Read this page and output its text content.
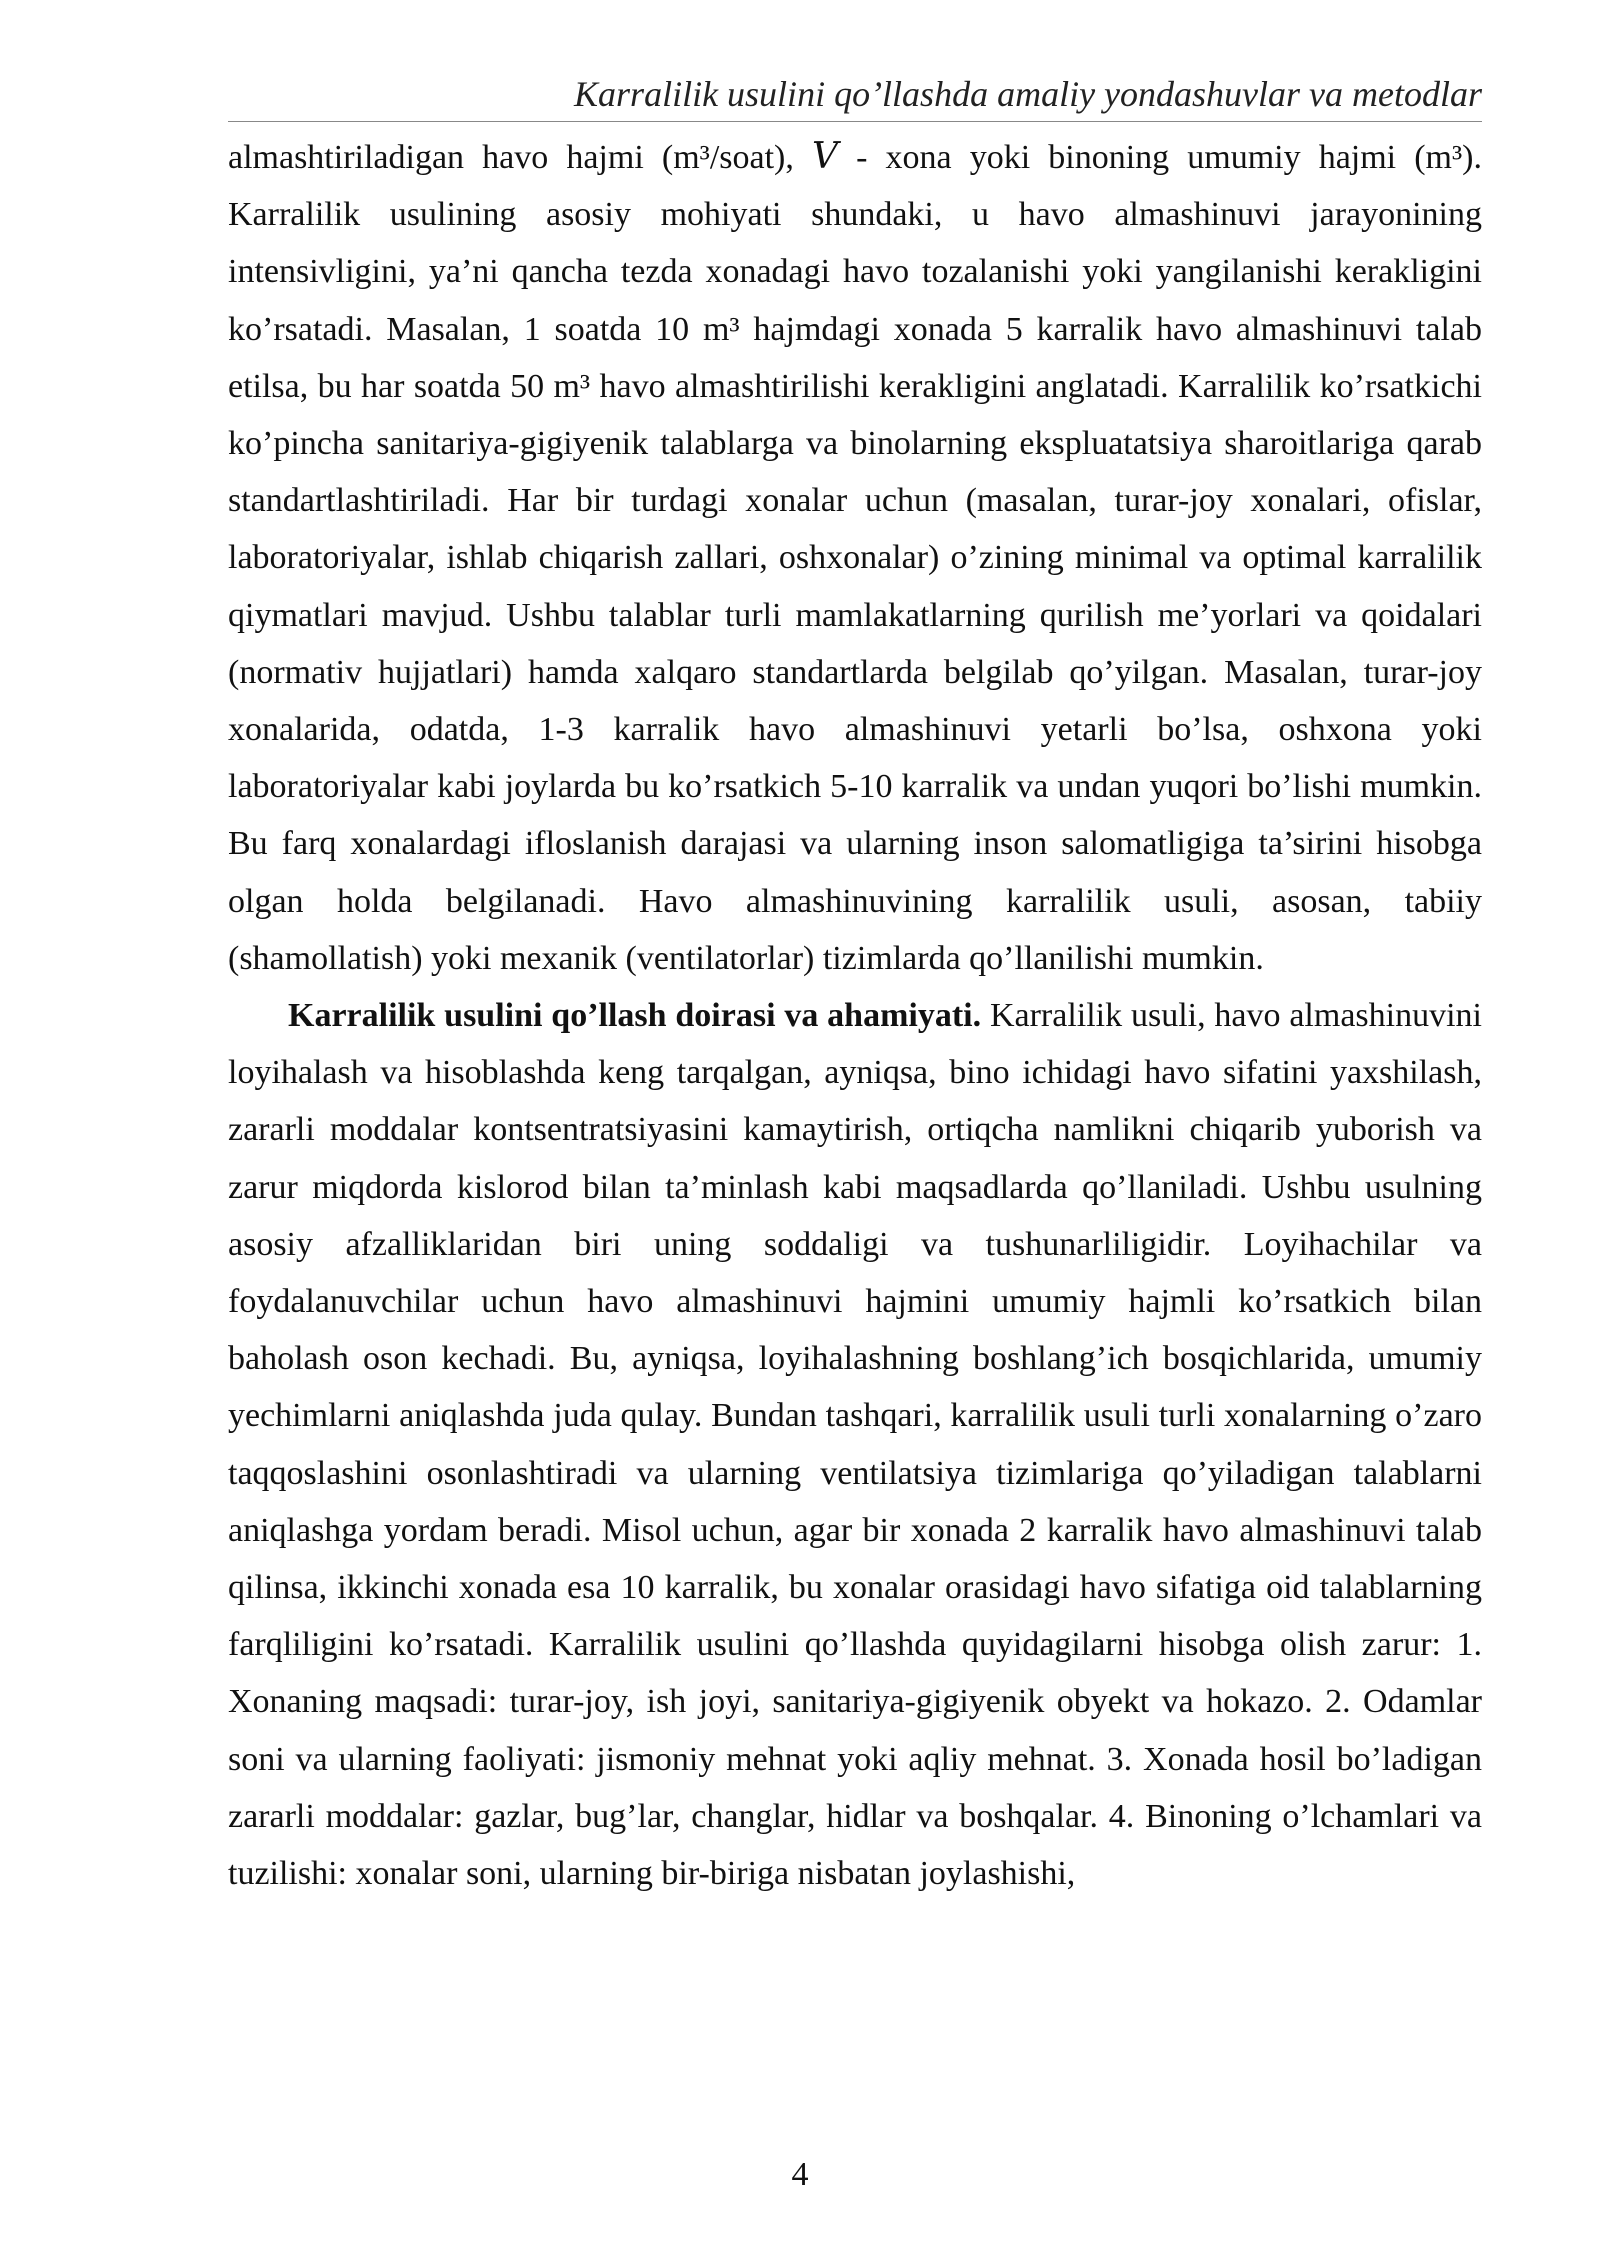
Karralilik usulini qo’llashda amaliy yondashuvlar va metodlar

almashtiriladigan havo hajmi (m³/soat), V - xona yoki binoning umumiy hajmi (m³). Karralilik usulining asosiy mohiyati shundaki, u havo almashinuvi jarayonining intensivligini, ya’ni qancha tezda xonadagi havo tozalanishi yoki yangilanishi kerakligini ko’rsatadi. Masalan, 1 soatda 10 m³ hajmdagi xonada 5 karralik havo almashinuvi talab etilsa, bu har soatda 50 m³ havo almashtirilishi kerakligini anglatadi. Karralilik ko’rsatkichi ko’pincha sanitariya-gigiyenik talablarga va binolarning ekspluatatsiya sharoitlariga qarab standartlashtiriladi. Har bir turdagi xonalar uchun (masalan, turar-joy xonalari, ofislar, laboratoriyalar, ishlab chiqarish zallari, oshxonalar) o’zining minimal va optimal karralilik qiymatlari mavjud. Ushbu talablar turli mamlakatlarning qurilish me’yorlari va qoidalari (normativ hujjatlari) hamda xalqaro standartlarda belgilab qo’yilgan. Masalan, turar-joy xonalarida, odatda, 1-3 karralik havo almashinuvi yetarli bo’lsa, oshxona yoki laboratoriyalar kabi joylarda bu ko’rsatkich 5-10 karralik va undan yuqori bo’lishi mumkin. Bu farq xonalardagi ifloslanish darajasi va ularning inson salomatligiga ta’sirini hisobga olgan holda belgilanadi. Havo almashinuvining karralilik usuli, asosan, tabiiy (shamollatish) yoki mexanik (ventilatorlar) tizimlarda qo’llanilishi mumkin.

Karralilik usulini qo’llash doirasi va ahamiyati. Karralilik usuli, havo almashinuvini loyihalash va hisoblashda keng tarqalgan, ayniqsa, bino ichidagi havo sifatini yaxshilash, zararli moddalar kontsentratsiyasini kamaytirish, ortiqcha namlikni chiqarib yuborish va zarur miqdorda kislorod bilan ta’minlash kabi maqsadlarda qo’llaniladi. Ushbu usulning asosiy afzalliklaridan biri uning soddaligi va tushunarliligidir. Loyihachilar va foydalanuvchilar uchun havo almashinuvi hajmini umumiy hajmli ko’rsatkich bilan baholash oson kechadi. Bu, ayniqsa, loyihalashning boshlang’ich bosqichlarida, umumiy yechimlarni aniqlashda juda qulay. Bundan tashqari, karralilik usuli turli xonalarning o’zaro taqqoslashini osonlashtiradi va ularning ventilatsiya tizimlariga qo’yiladigan talablarni aniqlashga yordam beradi. Misol uchun, agar bir xonada 2 karralik havo almashinuvi talab qilinsa, ikkinchi xonada esa 10 karralik, bu xonalar orasidagi havo sifatiga oid talablarning farqliligini ko’rsatadi. Karralilik usulini qo’llashda quyidagilarni hisobga olish zarur: 1. Xonaning maqsadi: turar-joy, ish joyi, sanitariya-gigiyenik obyekt va hokazo. 2. Odamlar soni va ularning faoliyati: jismoniy mehnat yoki aqliy mehnat. 3. Xonada hosil bo’ladigan zararli moddalar: gazlar, bug’lar, changlar, hidlar va boshqalar. 4. Binoning o’lchamlari va tuzilishi: xonalar soni, ularning bir-biriga nisbatan joylashishi,

4
